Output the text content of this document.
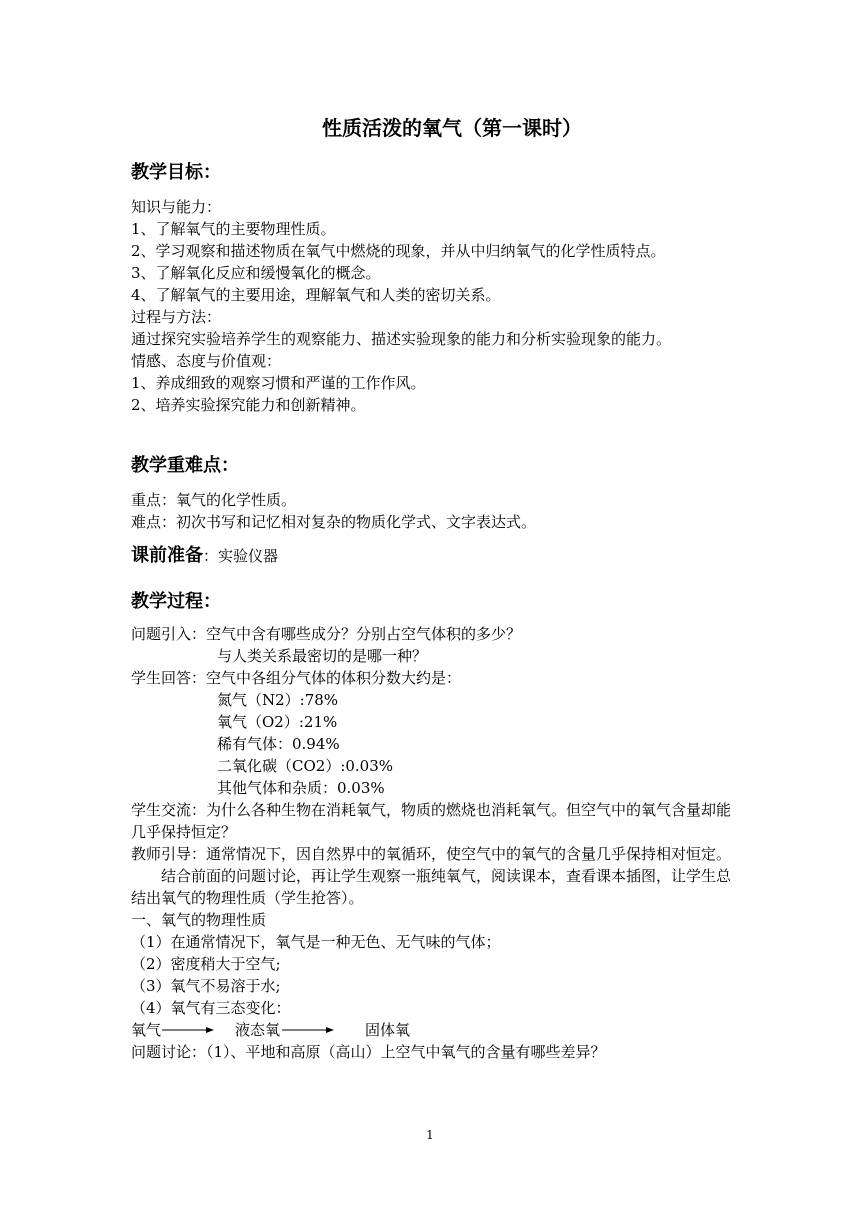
性质活泼的氧气（第一课时）
教学目标：
知识与能力：
1、了解氧气的主要物理性质。
2、学习观察和描述物质在氧气中燃烧的现象，并从中归纳氧气的化学性质特点。
3、了解氧化反应和缓慢氧化的概念。
4、了解氧气的主要用途，理解氧气和人类的密切关系。
过程与方法：
通过探究实验培养学生的观察能力、描述实验现象的能力和分析实验现象的能力。
情感、态度与价值观：
1、养成细致的观察习惯和严谨的工作作风。
2、培养实验探究能力和创新精神。
教学重难点：
重点：氧气的化学性质。
难点：初次书写和记忆相对复杂的物质化学式、文字表达式。
课前准备：实验仪器
教学过程：
问题引入：空气中含有哪些成分？分别占空气体积的多少？
与人类关系最密切的是哪一种？
学生回答：空气中各组分气体的体积分数大约是：
氮气（N2）:78%
氧气（O2）:21%
稀有气体：0.94%
二氧化碳（CO2）:0.03%
其他气体和杂质：0.03%
学生交流：为什么各种生物在消耗氧气，物质的燃烧也消耗氧气。但空气中的氧气含量却能几乎保持恒定？
教师引导：通常情况下，因自然界中的氧循环，使空气中的氧气的含量几乎保持相对恒定。
结合前面的问题讨论，再让学生观察一瓶纯氧气，阅读课本，查看课本插图，让学生总结出氧气的物理性质（学生抢答）。
一、氧气的物理性质
（1）在通常情况下，氧气是一种无色、无气味的气体；
（2）密度稍大于空气;
（3）氧气不易溶于水;
（4）氧气有三态变化：
氧气	液态氧	固体氧
问题讨论：（1）、平地和高原（高山）上空气中氧气的含量有哪些差异？
1
